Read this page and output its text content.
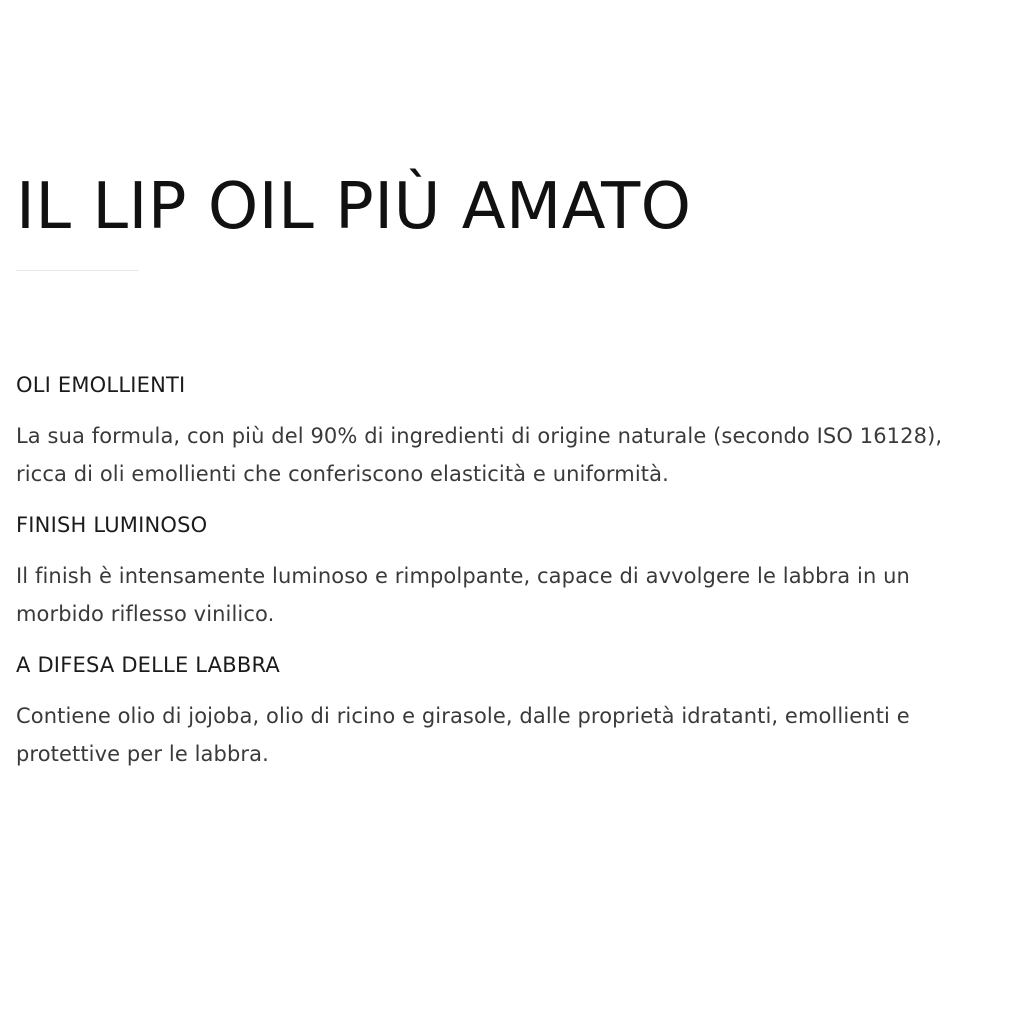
IL LIP OIL PIÙ AMATO
OLI EMOLLIENTI

La sua formula, con più del 90% di ingredienti di origine naturale (secondo ISO 16128), ricca di oli emollienti che conferiscono elasticità e uniformità.

FINISH LUMINOSO

Il finish è intensamente luminoso e rimpolpante, capace di avvolgere le labbra in un morbido riflesso vinilico.

A DIFESA DELLE LABBRA

Contiene olio di jojoba, olio di ricino e girasole, dalle proprietà idratanti, emollienti e protettive per le labbra.
